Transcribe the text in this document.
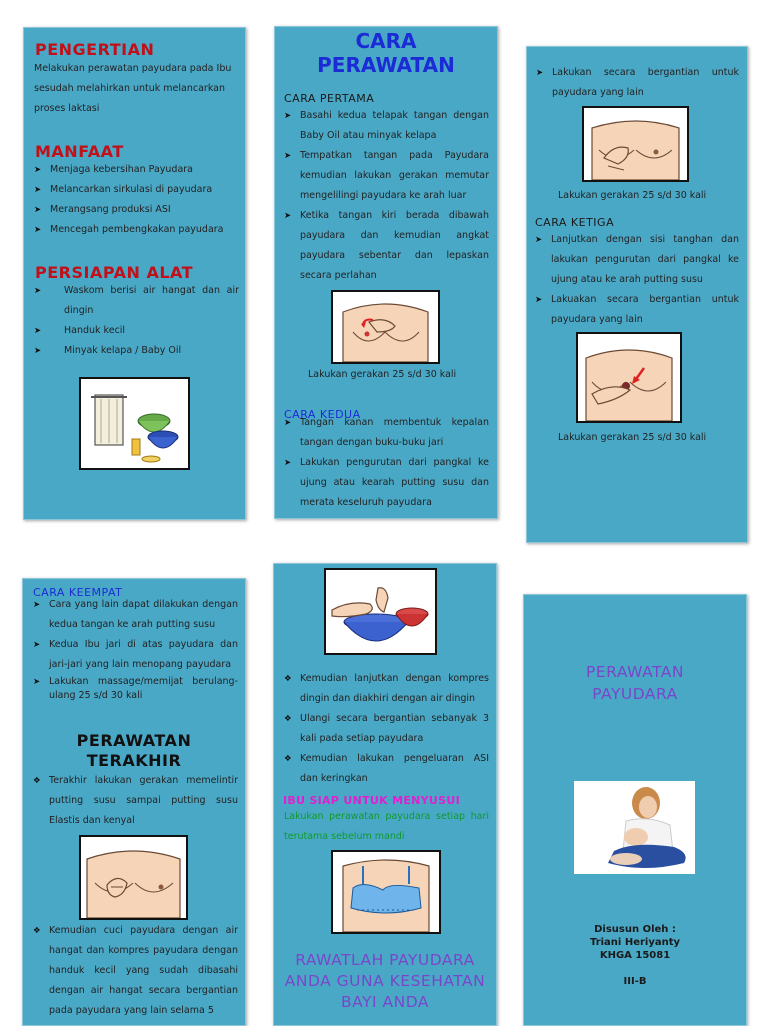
PENGERTIAN
Melakukan perawatan payudara pada Ibu sesudah melahirkan untuk melancarkan proses laktasi
MANFAAT
➤ Menjaga kebersihan Payudara
➤ Melancarkan sirkulasi di payudara
➤ Merangsang produksi ASI
➤ Mencegah pembengkakan payudara
PERSIAPAN ALAT
➤ Waskom berisi air hangat dan air dingin
➤ Handuk kecil
➤ Minyak kelapa / Baby Oil
CARA
PERAWATAN
CARA PERTAMA
➤ Basahi kedua telapak tangan dengan Baby Oil atau minyak kelapa
➤ Tempatkan tangan pada Payudara kemudian lakukan gerakan memutar mengelilingi payudara ke arah luar
➤ Ketika tangan kiri berada dibawah payudara dan kemudian angkat payudara sebentar dan lepaskan secara perlahan
Lakukan gerakan 25 s/d 30 kali
CARA KEDUA
➤ Tangan kanan membentuk kepalan tangan dengan buku-buku jari
➤ Lakukan pengurutan dari pangkal ke ujung atau kearah putting susu dan merata keseluruh payudara
➤ Lakukan secara bergantian untuk payudara yang lain
Lakukan gerakan 25 s/d 30 kali
CARA KETIGA
➤ Lanjutkan dengan sisi tanghan dan lakukan pengurutan dari pangkal ke ujung atau ke arah putting susu
➤ Lakuakan secara bergantian untuk payudara yang lain
Lakukan gerakan 25 s/d 30 kali
CARA KEEMPAT
➤ Cara yang lain dapat dilakukan dengan kedua tangan ke arah putting susu
➤ Kedua Ibu jari di atas payudara dan jari-jari yang lain menopang payudara
➤ Lakukan massage/memijat berulang-ulang 25 s/d 30 kali
PERAWATAN
TERAKHIR
❖ Terakhir lakukan gerakan memelintir putting susu sampai putting susu Elastis dan kenyal
❖ Kemudian cuci payudara dengan air hangat dan kompres payudara dengan handuk kecil yang sudah dibasahi dengan air hangat secara bergantian pada payudara yang lain selama 5
❖ Kemudian lanjutkan dengan kompres dingin dan diakhiri dengan air dingin
❖ Ulangi secara bergantian sebanyak 3 kali pada setiap payudara
❖ Kemudian lakukan pengeluaran ASI dan keringkan
IBU SIAP UNTUK MENYUSUI
Lakukan perawatan payudara setiap hari terutama sebelum mandi
RAWATLAH PAYUDARA ANDA GUNA KESEHATAN BAYI ANDA
PERAWATAN
PAYUDARA
Disusun Oleh :
Triani Heriyanty
KHGA 15081
III-B
